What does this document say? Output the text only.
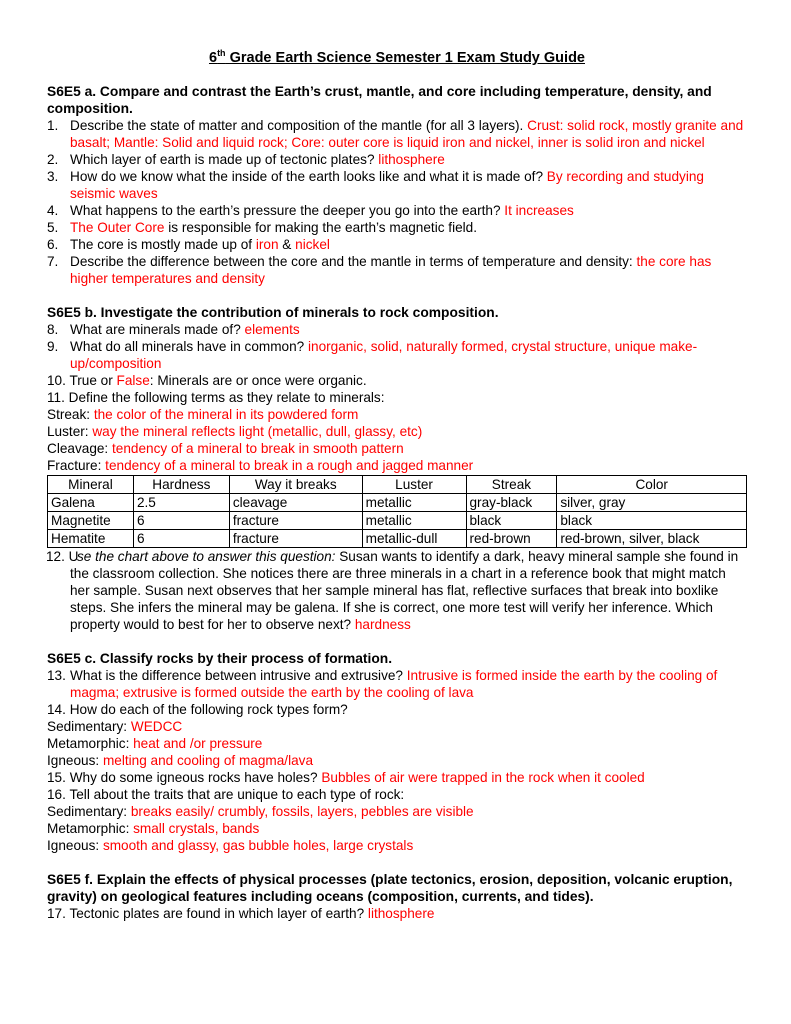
6th Grade Earth Science Semester 1 Exam Study Guide

S6E5 a. Compare and contrast the Earth’s crust, mantle, and core including temperature, density, and composition.

1. Describe the state of matter and composition of the mantle (for all 3 layers). Crust: solid rock, mostly granite and basalt; Mantle: Solid and liquid rock; Core: outer core is liquid iron and nickel, inner is solid iron and nickel

2. Which layer of earth is made up of tectonic plates? lithosphere

3. How do we know what the inside of the earth looks like and what it is made of? By recording and studying seismic waves

4. What happens to the earth’s pressure the deeper you go into the earth? It increases

5. The Outer Core is responsible for making the earth’s magnetic field.

6. The core is mostly made up of iron & nickel

7. Describe the difference between the core and the mantle in terms of temperature and density: the core has higher temperatures and density

S6E5 b. Investigate the contribution of minerals to rock composition.

8. What are minerals made of? elements

9. What do all minerals have in common? inorganic, solid, naturally formed, crystal structure, unique make-up/composition

10. True or False: Minerals are or once were organic.

11. Define the following terms as they relate to minerals:

Streak: the color of the mineral in its powdered form

Luster: way the mineral reflects light (metallic, dull, glassy, etc)

Cleavage: tendency of a mineral to break in smooth pattern

Fracture: tendency of a mineral to break in a rough and jagged manner

Mineral	Hardness	Way it breaks	Luster	Streak	Color
Galena	2.5	cleavage	metallic	gray-black	silver, gray
Magnetite	6	fracture	metallic	black	black
Hematite	6	fracture	metallic-dull	red-brown	red-brown, silver, black

12. U
se the chart above to answer this question: Susan wants to identify a dark, heavy mineral sample she found in the classroom collection. She notices there are three minerals in a chart in a reference book that might match her sample. Susan next observes that her sample mineral has flat, reflective surfaces that break into boxlike steps. She infers the mineral may be galena. If she is correct, one more test will verify her inference. Which property would to best for her to observe next? hardness

S6E5 c. Classify rocks by their process of formation.

13. What is the difference between intrusive and extrusive? Intrusive is formed inside the earth by the cooling of magma; extrusive is formed outside the earth by the cooling of lava

14. How do each of the following rock types form?

Sedimentary: WEDCC

Metamorphic: heat and /or pressure

Igneous: melting and cooling of magma/lava

15. Why do some igneous rocks have holes? Bubbles of air were trapped in the rock when it cooled

16. Tell about the traits that are unique to each type of rock:

Sedimentary: breaks easily/ crumbly, fossils, layers, pebbles are visible

Metamorphic: small crystals, bands

Igneous: smooth and glassy, gas bubble holes, large crystals

S6E5 f. Explain the effects of physical processes (plate tectonics, erosion, deposition, volcanic eruption, gravity) on geological features including oceans (composition, currents, and tides).

17. Tectonic plates are found in which layer of earth? lithosphere
